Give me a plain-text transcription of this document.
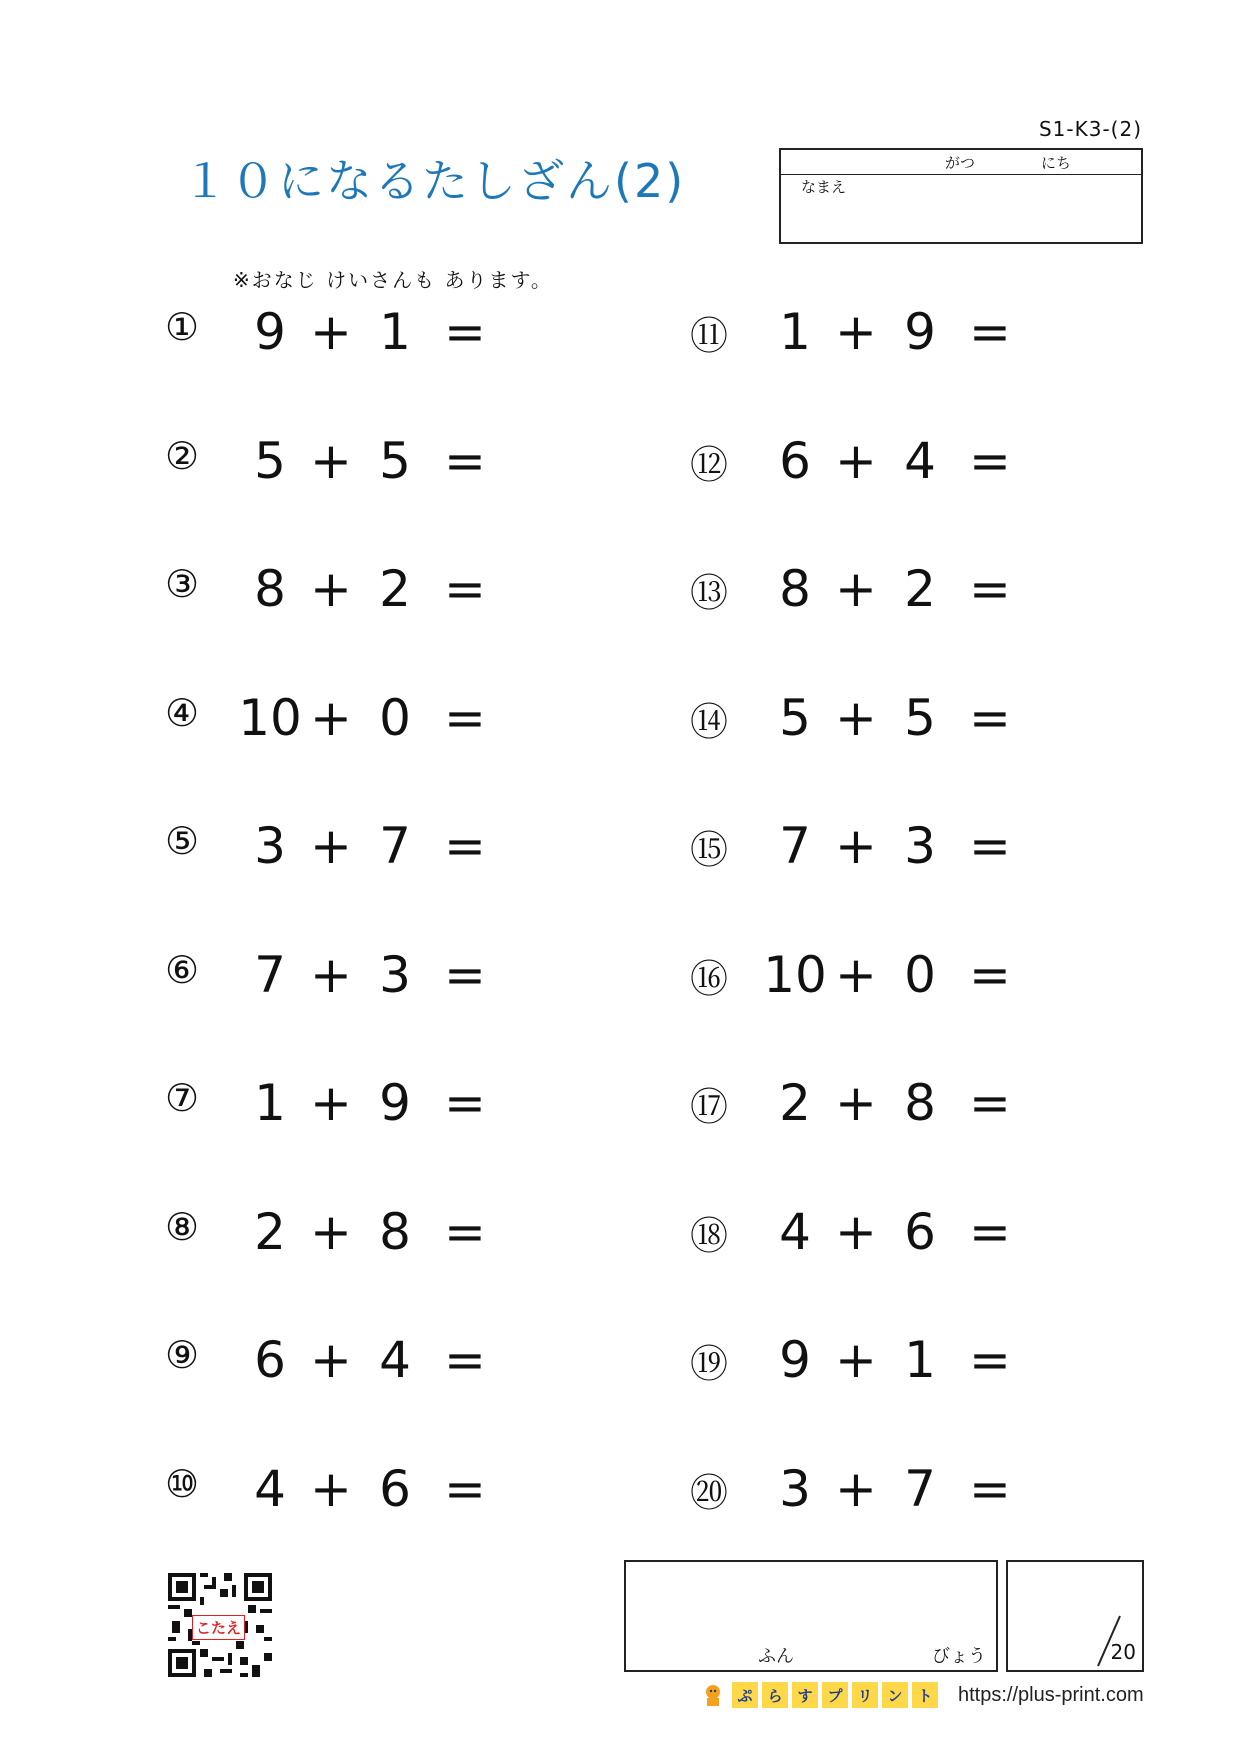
S1-K3-(2)
１０になるたしざん(2)	がつ	にち
なまえ
※おなじ けいさんも あります。
①	9 + 1 =
②	5 + 5 =
③	8 + 2 =
④ 10 + 0 =
⑤	3 + 7 =
⑥	7 + 3 =
⑦	1 + 9 =
⑧	2 + 8 =
⑨	6 + 4 =
⑩	4 + 6 =
⑪	1 + 9 =
⑫	6 + 4 =
⑬	8 + 2 =
⑭	5 + 5 =
⑮	7 + 3 =
⑯ 10 + 0 =
⑰	2 + 8 =
⑱	4 + 6 =
⑲	9 + 1 =
⑳	3 + 7 =
ふん	びょう	20
こたえ
ぷ ら す プ リ ン ト https://plus-print.com
